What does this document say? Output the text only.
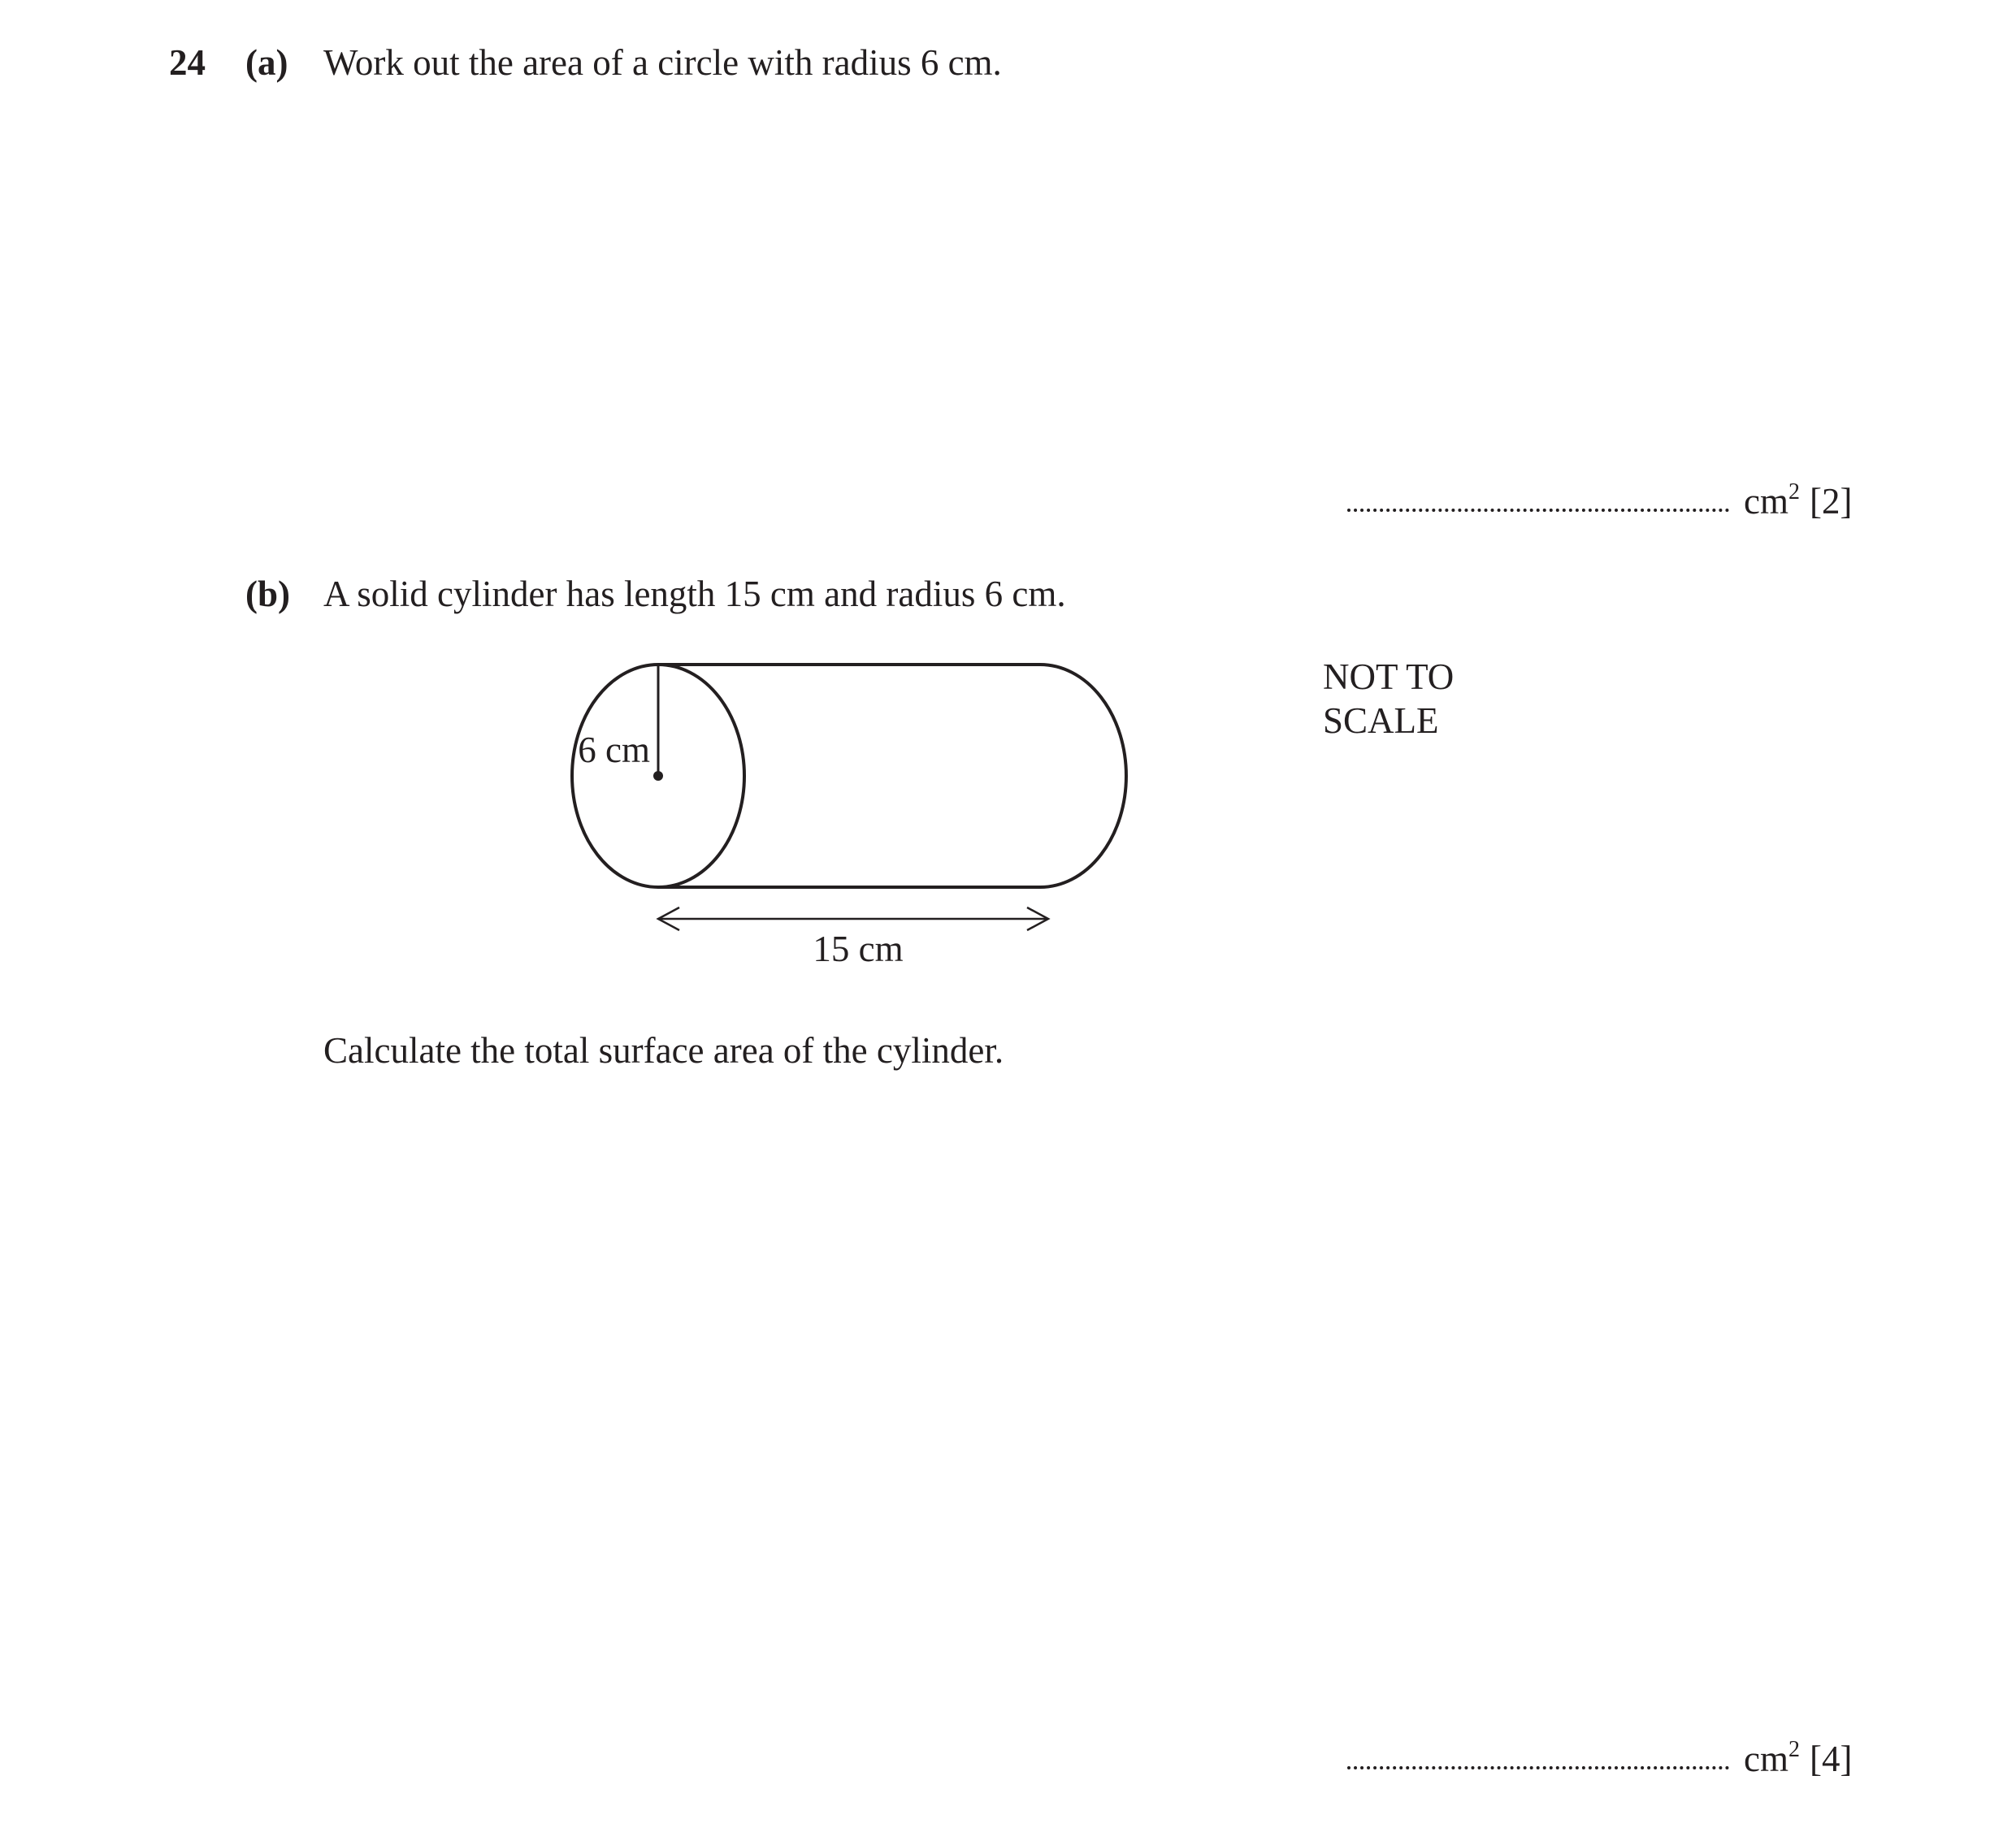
24 (a) Work out the area of a circle with radius 6 cm.
$cm^2$ [2]
(b) A solid cylinder has length 15 cm and radius 6 cm.
NOT TO
SCALE
6 cm
15 cm
Calculate the total surface area of the cylinder.
$cm^2$ [4]
